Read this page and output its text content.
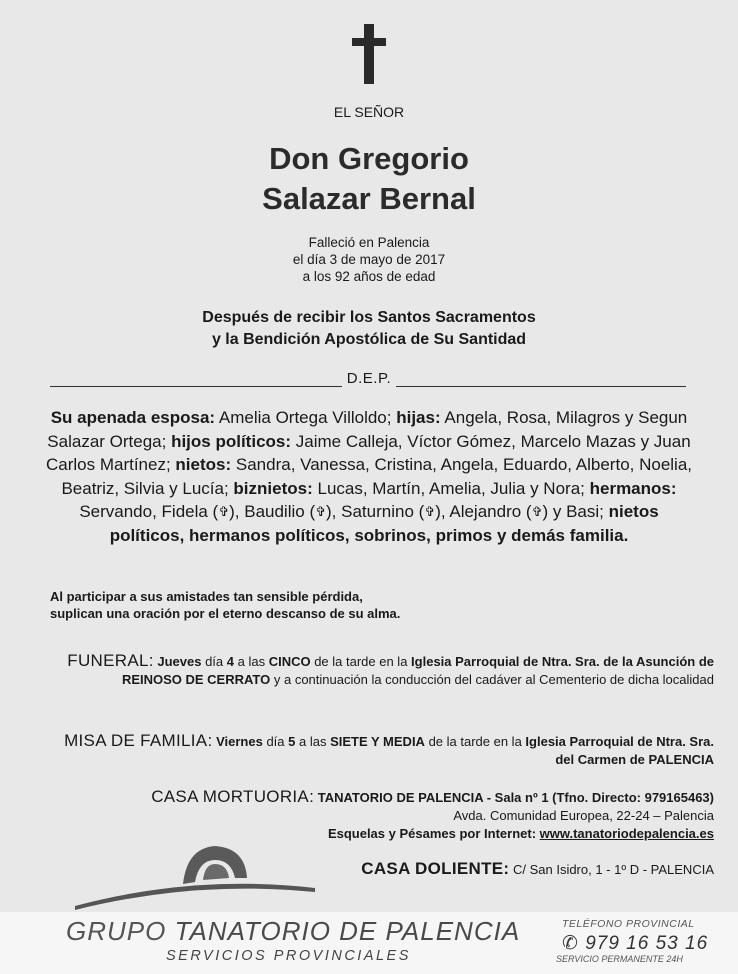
EL SEÑOR
Don Gregorio
Salazar Bernal
Falleció en Palencia
el día 3 de mayo de 2017
a los 92 años de edad
Después de recibir los Santos Sacramentos
y la Bendición Apostólica de Su Santidad
D.E.P.
Su apenada esposa: Amelia Ortega Villoldo; hijas: Angela, Rosa, Milagros y Segun Salazar Ortega; hijos políticos: Jaime Calleja, Víctor Gómez, Marcelo Mazas y Juan Carlos Martínez; nietos: Sandra, Vanessa, Cristina, Angela, Eduardo, Alberto, Noelia, Beatriz, Silvia y Lucía; biznietos: Lucas, Martín, Amelia, Julia y Nora; hermanos: Servando, Fidela (✞), Baudilio (✞), Saturnino (✞), Alejandro (✞) y Basi; nietos políticos, hermanos políticos, sobrinos, primos y demás familia.
Al participar a sus amistades tan sensible pérdida,
suplican una oración por el eterno descanso de su alma.
FUNERAL: Jueves día 4 a las CINCO de la tarde en la Iglesia Parroquial de Ntra. Sra. de la Asunción de REINOSO DE CERRATO y a continuación la conducción del cadáver al Cementerio de dicha localidad
MISA DE FAMILIA: Viernes día 5 a las SIETE Y MEDIA de la tarde en la Iglesia Parroquial de Ntra. Sra. del Carmen de PALENCIA
CASA MORTUORIA: TANATORIO DE PALENCIA - Sala nº 1 (Tfno. Directo: 979165463)
Avda. Comunidad Europea, 22-24 – Palencia
Esquelas y Pésames por Internet: www.tanatoriodepalencia.es
CASA DOLIENTE: C/ San Isidro, 1 - 1º D - PALENCIA
GRUPO TANATORIO DE PALENCIA
SERVICIOS PROVINCIALES
TELÉFONO PROVINCIAL
✆ 979 16 53 16
SERVICIO PERMANENTE 24H
